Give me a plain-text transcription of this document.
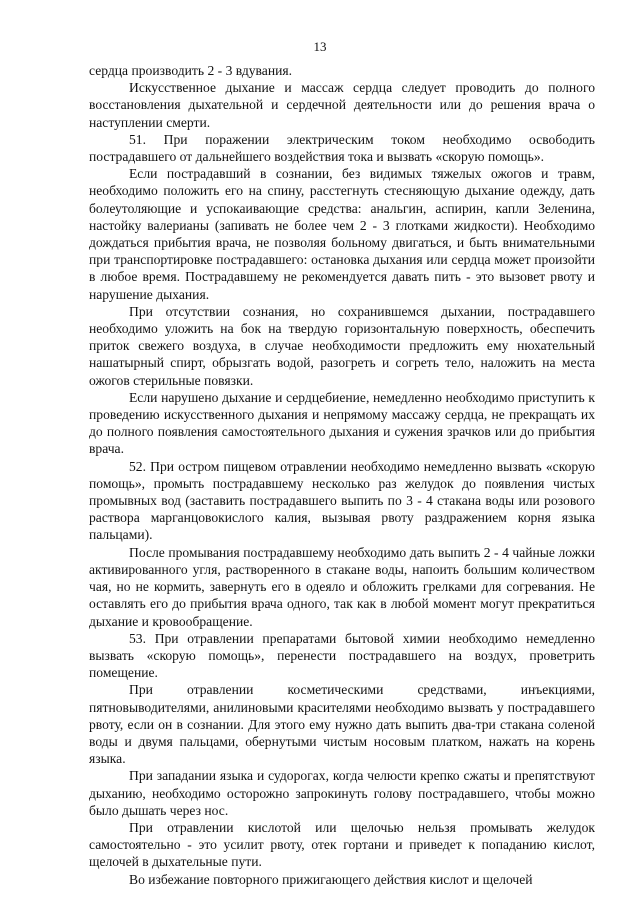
13

сердца производить 2 - 3 вдувания.

Искусственное дыхание и массаж сердца следует проводить до полного восстановления дыхательной и сердечной деятельности или до решения врача о наступлении смерти.

51. При поражении электрическим током необходимо освободить пострадавшего от дальнейшего воздействия тока и вызвать «скорую помощь».

Если пострадавший в сознании, без видимых тяжелых ожогов и травм, необходимо положить его на спину, расстегнуть стесняющую дыхание одежду, дать болеутоляющие и успокаивающие средства: анальгин, аспирин, капли Зеленина, настойку валерианы (запивать не более чем 2 - 3 глотками жидкости). Необходимо дождаться прибытия врача, не позволяя больному двигаться, и быть внимательными при транспортировке пострадавшего: остановка дыхания или сердца может произойти в любое время. Пострадавшему не рекомендуется давать пить - это вызовет рвоту и нарушение дыхания.

При отсутствии сознания, но сохранившемся дыхании, пострадавшего необходимо уложить на бок на твердую горизонтальную поверхность, обеспечить приток свежего воздуха, в случае необходимости предложить ему нюхательный нашатырный спирт, обрызгать водой, разогреть и согреть тело, наложить на места ожогов стерильные повязки.

Если нарушено дыхание и сердцебиение, немедленно необходимо приступить к проведению искусственного дыхания и непрямому массажу сердца, не прекращать их до полного появления самостоятельного дыхания и сужения зрачков или до прибытия врача.

52. При остром пищевом отравлении необходимо немедленно вызвать «скорую помощь», промыть пострадавшему несколько раз желудок до появления чистых промывных вод (заставить пострадавшего выпить по 3 - 4 стакана воды или розового раствора марганцовокислого калия, вызывая рвоту раздражением корня языка пальцами).

После промывания пострадавшему необходимо дать выпить 2 - 4 чайные ложки активированного угля, растворенного в стакане воды, напоить большим количеством чая, но не кормить, завернуть его в одеяло и обложить грелками для согревания. Не оставлять его до прибытия врача одного, так как в любой момент могут прекратиться дыхание и кровообращение.

53. При отравлении препаратами бытовой химии необходимо немедленно вызвать «скорую помощь», перенести пострадавшего на воздух, проветрить помещение.

При отравлении косметическими средствами, инъекциями, пятновыводителями, анилиновыми красителями необходимо вызвать у пострадавшего рвоту, если он в сознании. Для этого ему нужно дать выпить два-три стакана соленой воды и двумя пальцами, обернутыми чистым носовым платком, нажать на корень языка.

При западании языка и судорогах, когда челюсти крепко сжаты и препятствуют дыханию, необходимо осторожно запрокинуть голову пострадавшего, чтобы можно было дышать через нос.

При отравлении кислотой или щелочью нельзя промывать желудок самостоятельно - это усилит рвоту, отек гортани и приведет к попаданию кислот, щелочей в дыхательные пути.

Во избежание повторного прижигающего действия кислот и щелочей
